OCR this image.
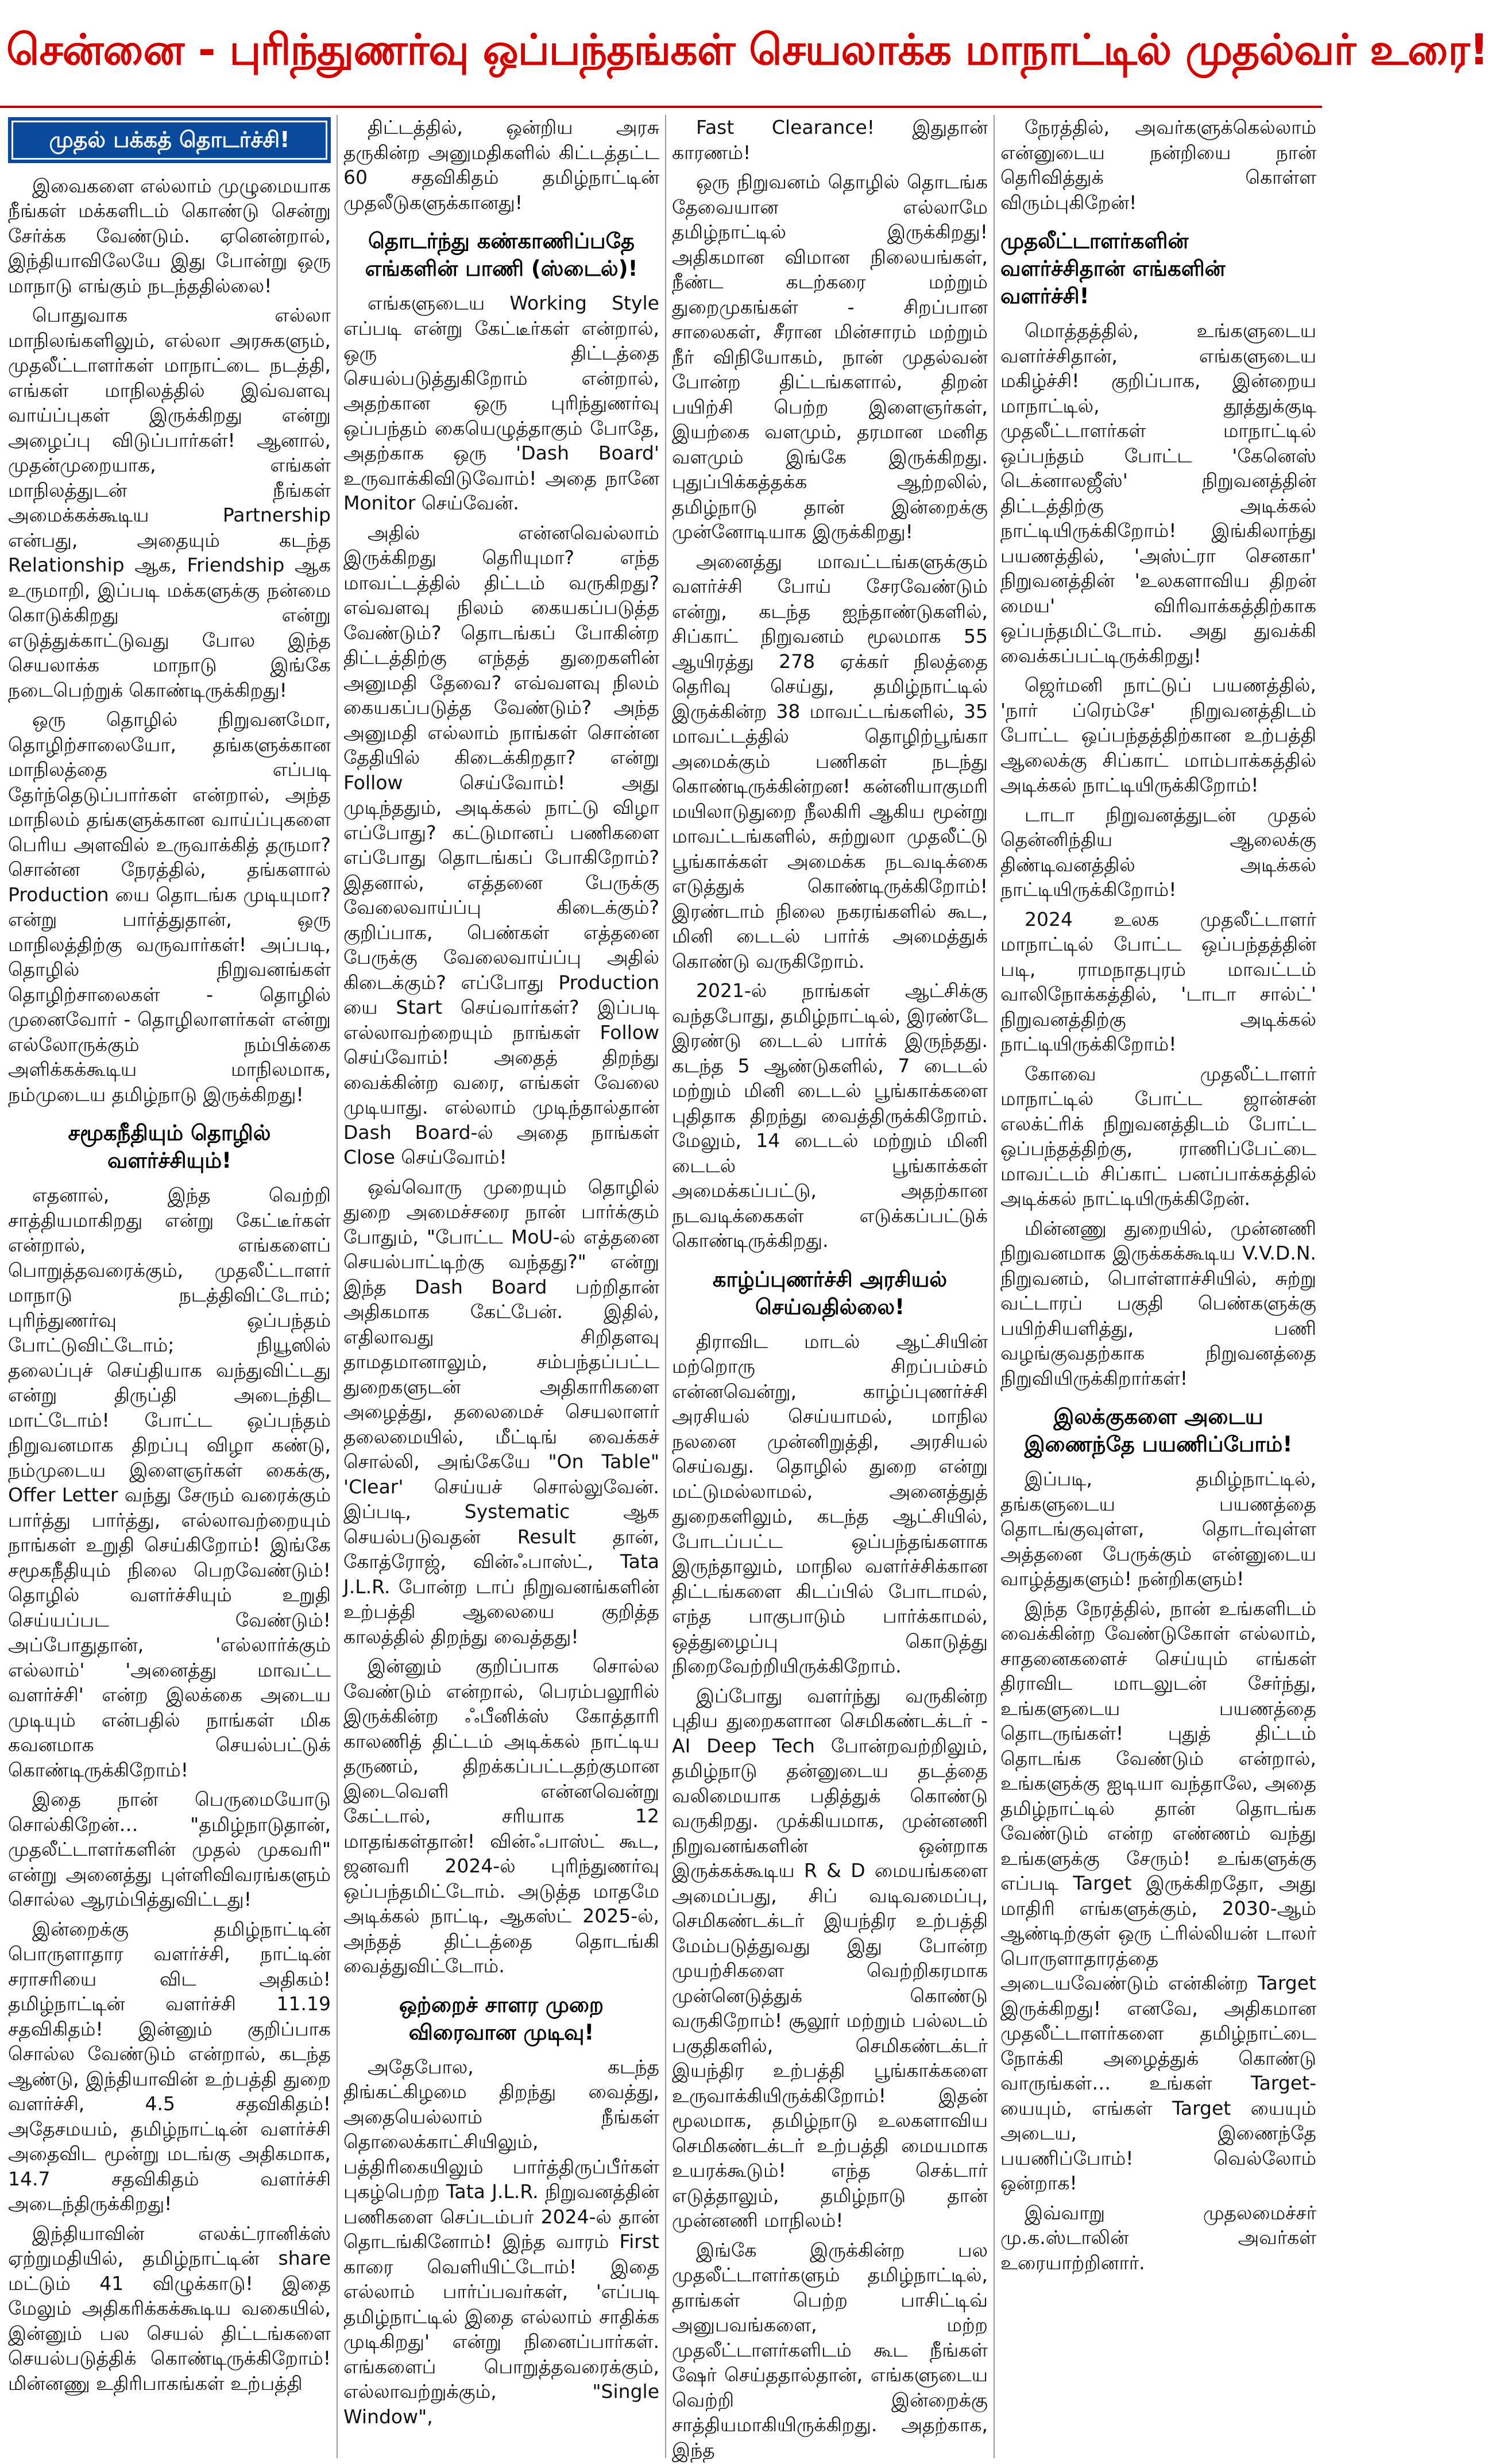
சென்னை - புரிந்துணர்வு ஒப்பந்தங்கள் செயலாக்க மாநாட்டில் முதல்வர் உரை!
முதல் பக்கத் தொடர்ச்சி!

இவைகளை எல்லாம் முழுமையாக நீங்கள் மக்களிடம் கொண்டு சென்று சேர்க்க வேண்டும். ஏனென்றால், இந்தியாவிலேயே இது போன்று ஒரு மாநாடு எங்கும் நடந்ததில்லை!

பொதுவாக எல்லா மாநிலங்களிலும், எல்லா அரசுகளும், முதலீட்டாளர்கள் மாநாட்டை நடத்தி, எங்கள் மாநிலத்தில் இவ்வளவு வாய்ப்புகள் இருக்கிறது என்று அழைப்பு விடுப்பார்கள்! ஆனால், முதன்முறையாக, எங்கள் மாநிலத்துடன் நீங்கள் அமைக்கக்கூடிய Partnership என்பது, அதையும் கடந்த Relationship ஆக, Friendship ஆக உருமாறி, இப்படி மக்களுக்கு நன்மை கொடுக்கிறது என்று எடுத்துக்காட்டுவது போல இந்த செயலாக்க மாநாடு இங்கே நடைபெற்றுக் கொண்டிருக்கிறது!

ஒரு தொழில் நிறுவனமோ, தொழிற்சாலையோ, தங்களுக்கான மாநிலத்தை எப்படி தேர்ந்தெடுப்பார்கள் என்றால், அந்த மாநிலம் தங்களுக்கான வாய்ப்புகளை பெரிய அளவில் உருவாக்கித் தருமா? சொன்ன நேரத்தில், தங்களால் Production யை தொடங்க முடியுமா? என்று பார்த்துதான், ஒரு மாநிலத்திற்கு வருவார்கள்! அப்படி, தொழில் நிறுவனங்கள் தொழிற்சாலைகள் - தொழில் முனைவோர் - தொழிலாளர்கள் என்று எல்லோருக்கும் நம்பிக்கை அளிக்கக்கூடிய மாநிலமாக, நம்முடைய தமிழ்நாடு இருக்கிறது!

சமூகநீதியும் தொழில் வளர்ச்சியும்!

எதனால், இந்த வெற்றி சாத்தியமாகிறது என்று கேட்டீர்கள் என்றால், எங்களைப் பொறுத்தவரைக்கும், முதலீட்டாளர் மாநாடு நடத்திவிட்டோம்; புரிந்துணர்வு ஒப்பந்தம் போட்டுவிட்டோம்; நியூஸில் தலைப்புச் செய்தியாக வந்துவிட்டது என்று திருப்தி அடைந்திட மாட்டோம்! போட்ட ஒப்பந்தம் நிறுவனமாக திறப்பு விழா கண்டு, நம்முடைய இளைஞர்கள் கைக்கு, Offer Letter வந்து சேரும் வரைக்கும் பார்த்து பார்த்து, எல்லாவற்றையும் நாங்கள் உறுதி செய்கிறோம்! இங்கே சமூகநீதியும் நிலை பெறவேண்டும்! தொழில் வளர்ச்சியும் உறுதி செய்யப்பட வேண்டும்! அப்போதுதான், 'எல்லார்க்கும் எல்லாம்' 'அனைத்து மாவட்ட வளர்ச்சி' என்ற இலக்கை அடைய முடியும் என்பதில் நாங்கள் மிக கவனமாக செயல்பட்டுக் கொண்டிருக்கிறோம்!

இதை நான் பெருமையோடு சொல்கிறேன்… "தமிழ்நாடுதான், முதலீட்டாளர்களின் முதல் முகவரி" என்று அனைத்து புள்ளிவிவரங்களும் சொல்ல ஆரம்பித்துவிட்டது!

இன்றைக்கு தமிழ்நாட்டின் பொருளாதார வளர்ச்சி, நாட்டின் சராசரியை விட அதிகம்! தமிழ்நாட்டின் வளர்ச்சி 11.19 சதவிகிதம்! இன்னும் குறிப்பாக சொல்ல வேண்டும் என்றால், கடந்த ஆண்டு, இந்தியாவின் உற்பத்தி துறை வளர்ச்சி, 4.5 சதவிகிதம்! அதேசமயம், தமிழ்நாட்டின் வளர்ச்சி அதைவிட மூன்று மடங்கு அதிகமாக, 14.7 சதவிகிதம் வளர்ச்சி அடைந்திருக்கிறது!

இந்தியாவின் எலக்ட்ரானிக்ஸ் ஏற்றுமதியில், தமிழ்நாட்டின் share மட்டும் 41 விழுக்காடு! இதை மேலும் அதிகரிக்கக்கூடிய வகையில், இன்னும் பல செயல் திட்டங்களை செயல்படுத்திக் கொண்டிருக்கிறோம்! மின்னணு உதிரிபாகங்கள் உற்பத்தி

திட்டத்தில், ஒன்றிய அரசு தருகின்ற அனுமதிகளில் கிட்டத்தட்ட 60 சதவிகிதம் தமிழ்நாட்டின் முதலீடுகளுக்கானது!

தொடர்ந்து கண்காணிப்பதே எங்களின் பாணி (ஸ்டைல்)!

எங்களுடைய Working Style எப்படி என்று கேட்டீர்கள் என்றால், ஒரு திட்டத்தை செயல்படுத்துகிறோம் என்றால், அதற்கான ஒரு புரிந்துணர்வு ஒப்பந்தம் கையெழுத்தாகும் போதே, அதற்காக ஒரு 'Dash Board' உருவாக்கிவிடுவோம்! அதை நானே Monitor செய்வேன்.

அதில் என்னவெல்லாம் இருக்கிறது தெரியுமா? எந்த மாவட்டத்தில் திட்டம் வருகிறது? எவ்வளவு நிலம் கையகப்படுத்த வேண்டும்? தொடங்கப் போகின்ற திட்டத்திற்கு எந்தத் துறைகளின் அனுமதி தேவை? எவ்வளவு நிலம் கையகப்படுத்த வேண்டும்? அந்த அனுமதி எல்லாம் நாங்கள் சொன்ன தேதியில் கிடைக்கிறதா? என்று Follow செய்வோம்! அது முடிந்ததும், அடிக்கல் நாட்டு விழா எப்போது? கட்டுமானப் பணிகளை எப்போது தொடங்கப் போகிறோம்? இதனால், எத்தனை பேருக்கு வேலைவாய்ப்பு கிடைக்கும்? குறிப்பாக, பெண்கள் எத்தனை பேருக்கு வேலைவாய்ப்பு அதில் கிடைக்கும்? எப்போது Production யை Start செய்வார்கள்? இப்படி எல்லாவற்றையும் நாங்கள் Follow செய்வோம்! அதைத் திறந்து வைக்கின்ற வரை, எங்கள் வேலை முடியாது. எல்லாம் முடிந்தால்தான் Dash Board-ல் அதை நாங்கள் Close செய்வோம்!

ஒவ்வொரு முறையும் தொழில் துறை அமைச்சரை நான் பார்க்கும் போதும், "போட்ட MoU-ல் எத்தனை செயல்பாட்டிற்கு வந்தது?" என்று இந்த Dash Board பற்றிதான் அதிகமாக கேட்பேன். இதில், எதிலாவது சிறிதளவு தாமதமானாலும், சம்பந்தப்பட்ட துறைகளுடன் அதிகாரிகளை அழைத்து, தலைமைச் செயலாளர் தலைமையில், மீட்டிங் வைக்கச் சொல்லி, அங்கேயே "On Table" 'Clear' செய்யச் சொல்லுவேன். இப்படி, Systematic ஆக செயல்படுவதன் Result தான், கோத்ரோஜ், வின்ஃபாஸ்ட், Tata J.L.R. போன்ற டாப் நிறுவனங்களின் உற்பத்தி ஆலையை குறித்த காலத்தில் திறந்து வைத்தது!

இன்னும் குறிப்பாக சொல்ல வேண்டும் என்றால், பெரம்பலூரில் இருக்கின்ற ஃபீனிக்ஸ் கோத்தாரி காலணித் திட்டம் அடிக்கல் நாட்டிய தருணம், திறக்கப்பட்டதற்குமான இடைவெளி என்னவென்று கேட்டால், சரியாக 12 மாதங்கள்தான்! வின்ஃபாஸ்ட் கூட, ஜனவரி 2024-ல் புரிந்துணர்வு ஒப்பந்தமிட்டோம். அடுத்த மாதமே அடிக்கல் நாட்டி, ஆகஸ்ட் 2025-ல், அந்தத் திட்டத்தை தொடங்கி வைத்துவிட்டோம்.

ஒற்றைச் சாளர முறை விரைவான முடிவு!

அதேபோல, கடந்த திங்கட்கிழமை திறந்து வைத்து, அதையெல்லாம் நீங்கள் தொலைக்காட்சியிலும், பத்திரிகையிலும் பார்த்திருப்பீர்கள் புகழ்பெற்ற Tata J.L.R. நிறுவனத்தின் பணிகளை செப்டம்பர் 2024-ல் தான் தொடங்கினோம்! இந்த வாரம் First காரை வெளியிட்டோம்! இதை எல்லாம் பார்ப்பவர்கள், 'எப்படி தமிழ்நாட்டில் இதை எல்லாம் சாதிக்க முடிகிறது' என்று நினைப்பார்கள். எங்களைப் பொறுத்தவரைக்கும், எல்லாவற்றுக்கும், "Single Window",

Fast Clearance! இதுதான் காரணம்!

ஒரு நிறுவனம் தொழில் தொடங்க தேவையான எல்லாமே தமிழ்நாட்டில் இருக்கிறது! அதிகமான விமான நிலையங்கள், நீண்ட கடற்கரை மற்றும் துறைமுகங்கள் - சிறப்பான சாலைகள், சீரான மின்சாரம் மற்றும் நீர் விநியோகம், நான் முதல்வன் போன்ற திட்டங்களால், திறன் பயிற்சி பெற்ற இளைஞர்கள், இயற்கை வளமும், தரமான மனித வளமும் இங்கே இருக்கிறது. புதுப்பிக்கத்தக்க ஆற்றலில், தமிழ்நாடு தான் இன்றைக்கு முன்னோடியாக இருக்கிறது!

அனைத்து மாவட்டங்களுக்கும் வளர்ச்சி போய் சேரவேண்டும் என்று, கடந்த ஐந்தாண்டுகளில், சிப்காட் நிறுவனம் மூலமாக 55 ஆயிரத்து 278 ஏக்கர் நிலத்தை தெரிவு செய்து, தமிழ்நாட்டில் இருக்கின்ற 38 மாவட்டங்களில், 35 மாவட்டத்தில் தொழிற்பூங்கா அமைக்கும் பணிகள் நடந்து கொண்டிருக்கின்றன! கன்னியாகுமரி மயிலாடுதுறை நீலகிரி ஆகிய மூன்று மாவட்டங்களில், சுற்றுலா முதலீட்டு பூங்காக்கள் அமைக்க நடவடிக்கை எடுத்துக் கொண்டிருக்கிறோம்! இரண்டாம் நிலை நகரங்களில் கூட, மினி டைடல் பார்க் அமைத்துக் கொண்டு வருகிறோம்.

2021-ல் நாங்கள் ஆட்சிக்கு வந்தபோது, தமிழ்நாட்டில், இரண்டே இரண்டு டைடல் பார்க் இருந்தது. கடந்த 5 ஆண்டுகளில், 7 டைடல் மற்றும் மினி டைடல் பூங்காக்களை புதிதாக திறந்து வைத்திருக்கிறோம். மேலும், 14 டைடல் மற்றும் மினி டைடல் பூங்காக்கள் அமைக்கப்பட்டு, அதற்கான நடவடிக்கைகள் எடுக்கப்பட்டுக் கொண்டிருக்கிறது.

காழ்ப்புணர்ச்சி அரசியல் செய்வதில்லை!

திராவிட மாடல் ஆட்சியின் மற்றொரு சிறப்பம்சம் என்னவென்று, காழ்ப்புணர்ச்சி அரசியல் செய்யாமல், மாநில நலனை முன்னிறுத்தி, அரசியல் செய்வது. தொழில் துறை என்று மட்டுமல்லாமல், அனைத்துத் துறைகளிலும், கடந்த ஆட்சியில், போடப்பட்ட ஒப்பந்தங்களாக இருந்தாலும், மாநில வளர்ச்சிக்கான திட்டங்களை கிடப்பில் போடாமல், எந்த பாகுபாடும் பார்க்காமல், ஒத்துழைப்பு கொடுத்து நிறைவேற்றியிருக்கிறோம்.

இப்போது வளர்ந்து வருகின்ற புதிய துறைகளான செமிகண்டக்டர் - AI Deep Tech போன்றவற்றிலும், தமிழ்நாடு தன்னுடைய தடத்தை வலிமையாக பதித்துக் கொண்டு வருகிறது. முக்கியமாக, முன்னணி நிறுவனங்களின் ஒன்றாக இருக்கக்கூடிய R & D மையங்களை அமைப்பது, சிப் வடிவமைப்பு, செமிகண்டக்டர் இயந்திர உற்பத்தி மேம்படுத்துவது இது போன்ற முயற்சிகளை வெற்றிகரமாக முன்னெடுத்துக் கொண்டு வருகிறோம்! சூலூர் மற்றும் பல்லடம் பகுதிகளில், செமிகண்டக்டர் இயந்திர உற்பத்தி பூங்காக்களை உருவாக்கியிருக்கிறோம்! இதன் மூலமாக, தமிழ்நாடு உலகளாவிய செமிகண்டக்டர் உற்பத்தி மையமாக உயரக்கூடும்! எந்த செக்டார் எடுத்தாலும், தமிழ்நாடு தான் முன்னணி மாநிலம்!

இங்கே இருக்கின்ற பல முதலீட்டாளர்களும் தமிழ்நாட்டில், தாங்கள் பெற்ற பாசிட்டிவ் அனுபவங்களை, மற்ற முதலீட்டாளர்களிடம் கூட நீங்கள் ஷேர் செய்ததால்தான், எங்களுடைய வெற்றி இன்றைக்கு சாத்தியமாகியிருக்கிறது. அதற்காக, இந்த

நேரத்தில், அவர்களுக்கெல்லாம் என்னுடைய நன்றியை நான் தெரிவித்துக் கொள்ள விரும்புகிறேன்!

முதலீட்டாளர்களின் வளர்ச்சிதான் எங்களின் வளர்ச்சி!

மொத்தத்தில், உங்களுடைய வளர்ச்சிதான், எங்களுடைய மகிழ்ச்சி! குறிப்பாக, இன்றைய மாநாட்டில், தூத்துக்குடி முதலீட்டாளர்கள் மாநாட்டில் ஒப்பந்தம் போட்ட 'கேனெஸ் டெக்னாலஜீஸ்' நிறுவனத்தின் திட்டத்திற்கு அடிக்கல் நாட்டியிருக்கிறோம்! இங்கிலாந்து பயணத்தில், 'அஸ்ட்ரா செனகா' நிறுவனத்தின் 'உலகளாவிய திறன் மைய' விரிவாக்கத்திற்காக ஒப்பந்தமிட்டோம். அது துவக்கி வைக்கப்பட்டிருக்கிறது!

ஜெர்மனி நாட்டுப் பயணத்தில், 'நார் ப்ரெம்சே' நிறுவனத்திடம் போட்ட ஒப்பந்தத்திற்கான உற்பத்தி ஆலைக்கு சிப்காட் மாம்பாக்கத்தில் அடிக்கல் நாட்டியிருக்கிறோம்!

டாடா நிறுவனத்துடன் முதல் தென்னிந்திய ஆலைக்கு திண்டிவனத்தில் அடிக்கல் நாட்டியிருக்கிறோம்!

2024 உலக முதலீட்டாளர் மாநாட்டில் போட்ட ஒப்பந்தத்தின் படி, ராமநாதபுரம் மாவட்டம் வாலிநோக்கத்தில், 'டாடா சால்ட்' நிறுவனத்திற்கு அடிக்கல் நாட்டியிருக்கிறோம்!

கோவை முதலீட்டாளர் மாநாட்டில் போட்ட ஜான்சன் எலக்ட்ரிக் நிறுவனத்திடம் போட்ட ஒப்பந்தத்திற்கு, ராணிப்பேட்டை மாவட்டம் சிப்காட் பனப்பாக்கத்தில் அடிக்கல் நாட்டியிருக்கிறேன்.

மின்னணு துறையில், முன்னணி நிறுவனமாக இருக்கக்கூடிய V.V.D.N. நிறுவனம், பொள்ளாச்சியில், சுற்று வட்டாரப் பகுதி பெண்களுக்கு பயிற்சியளித்து, பணி வழங்குவதற்காக நிறுவனத்தை நிறுவியிருக்கிறார்கள்!

இலக்குகளை அடைய இணைந்தே பயணிப்போம்!

இப்படி, தமிழ்நாட்டில், தங்களுடைய பயணத்தை தொடங்குவுள்ள, தொடர்வுள்ள அத்தனை பேருக்கும் என்னுடைய வாழ்த்துகளும்! நன்றிகளும்!

இந்த நேரத்தில், நான் உங்களிடம் வைக்கின்ற வேண்டுகோள் எல்லாம், சாதனைகளைச் செய்யும் எங்கள் திராவிட மாடலுடன் சேர்ந்து, உங்களுடைய பயணத்தை தொடருங்கள்! புதுத் திட்டம் தொடங்க வேண்டும் என்றால், உங்களுக்கு ஐடியா வந்தாலே, அதை தமிழ்நாட்டில் தான் தொடங்க வேண்டும் என்ற எண்ணம் வந்து உங்களுக்கு சேரும்! உங்களுக்கு எப்படி Target இருக்கிறதோ, அது மாதிரி எங்களுக்கும், 2030-ஆம் ஆண்டிற்குள் ஒரு ட்ரில்லியன் டாலர் பொருளாதாரத்தை அடையவேண்டும் என்கின்ற Target இருக்கிறது! எனவே, அதிகமான முதலீட்டாளர்களை தமிழ்நாட்டை நோக்கி அழைத்துக் கொண்டு வாருங்கள்… உங்கள் Target-யையும், எங்கள் Target யையும் அடைய, இணைந்தே பயணிப்போம்! வெல்லோம் ஒன்றாக!

இவ்வாறு முதலமைச்சர் மு.க.ஸ்டாலின் அவர்கள் உரையாற்றினார்.
